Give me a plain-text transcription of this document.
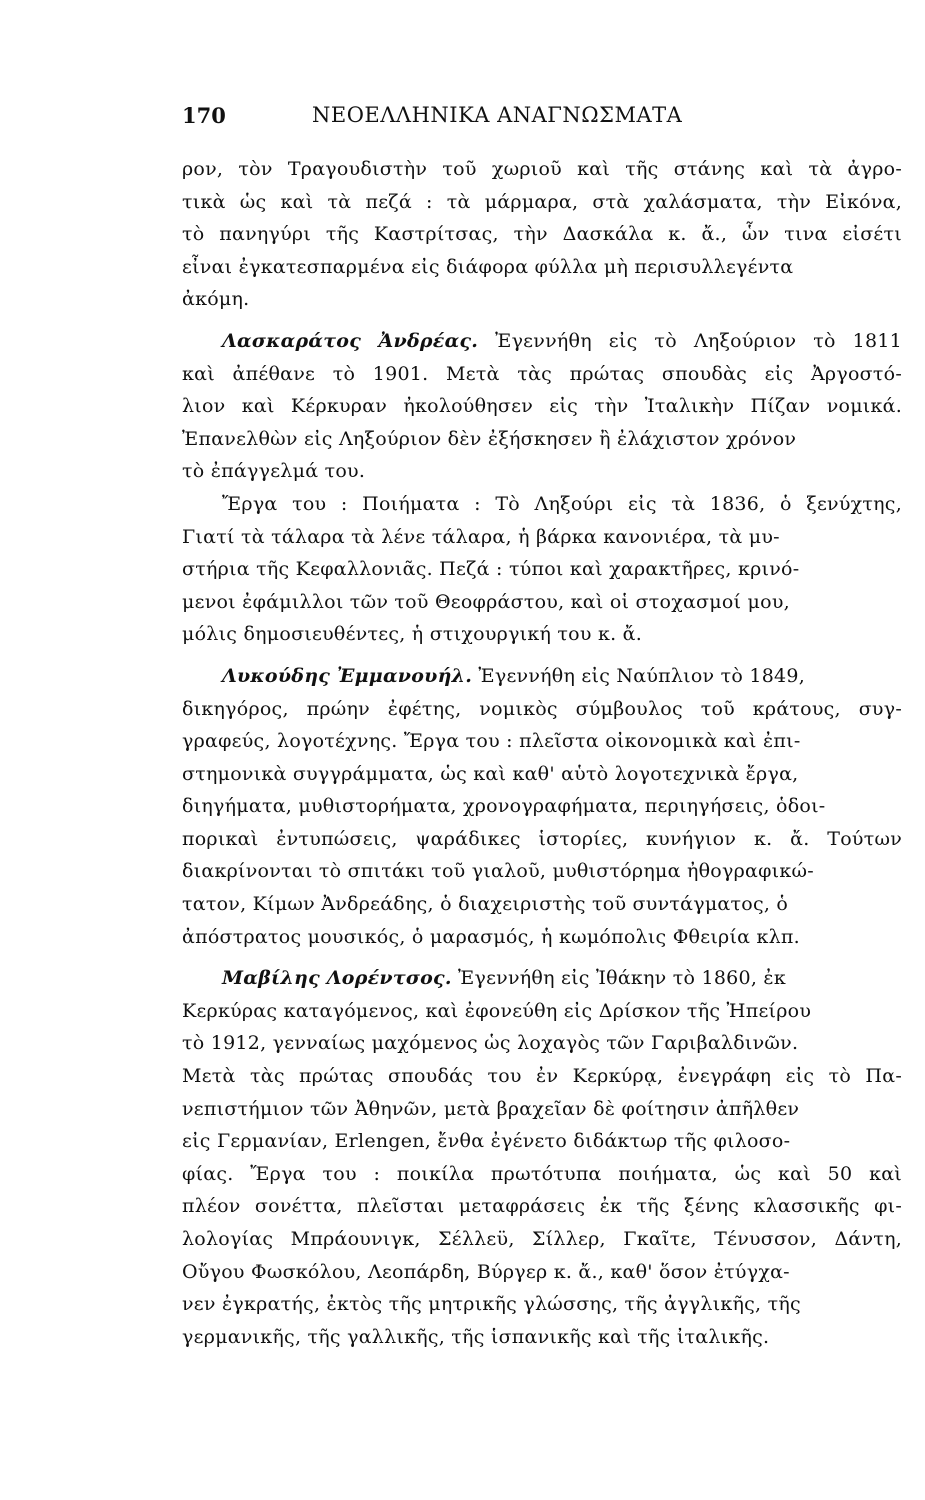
170	ΝΕΟΕΛΛΗΝΙΚΑ ΑΝΑΓΝΩΣΜΑΤΑ
ρον, τὸν Τραγουδιστὴν τοῦ χωριοῦ καὶ τῆς στάνης καὶ τὰ ἀγρο-
τικὰ ὡς καὶ τὰ πεζά : τὰ μάρμαρα, στὰ χαλάσματα, τὴν Εἰκόνα,
τὸ πανηγύρι τῆς Καστρίτσας, τὴν Δασκάλα κ. ἄ., ὧν τινα εἰσέτι
εἶναι ἐγκατεσπαρμένα εἰς διάφορα φύλλα μὴ περισυλλεγέντα
ἀκόμη.
Λασκαράτος Ἀνδρέας. Ἐγεννήθη εἰς τὸ Ληξούριον τὸ 1811
καὶ ἀπέθανε τὸ 1901. Μετὰ τὰς πρώτας σπουδὰς εἰς Ἀργοστό-
λιον καὶ Κέρκυραν ἠκολούθησεν εἰς τὴν Ἰταλικὴν Πίζαν νομικά.
Ἐπανελθὼν εἰς Ληξούριον δὲν ἐξήσκησεν ἢ ἐλάχιστον χρόνον
τὸ ἐπάγγελμά του.
Ἔργα του : Ποιήματα : Τὸ Ληξούρι εἰς τὰ 1836, ὁ ξενύχτης,
Γιατί τὰ τάλαρα τὰ λένε τάλαρα, ἡ βάρκα κανονιέρα, τὰ μυ-
στήρια τῆς Κεφαλλονιᾶς. Πεζά : τύποι καὶ χαρακτῆρες, κρινό-
μενοι ἐφάμιλλοι τῶν τοῦ Θεοφράστου, καὶ οἱ στοχασμοί μου,
μόλις δημοσιευθέντες, ἡ στιχουργική του κ. ἄ.
Λυκούδης Ἐμμανουήλ. Ἐγεννήθη εἰς Ναύπλιον τὸ 1849,
δικηγόρος, πρώην ἐφέτης, νομικὸς σύμβουλος τοῦ κράτους, συγ-
γραφεύς, λογοτέχνης. Ἔργα του : πλεῖστα οἰκονομικὰ καὶ ἐπι-
στημονικὰ συγγράμματα, ὡς καὶ καθ' αὑτὸ λογοτεχνικὰ ἔργα,
διηγήματα, μυθιστορήματα, χρονογραφήματα, περιηγήσεις, ὁδοι-
πορικαὶ ἐντυπώσεις, ψαράδικες ἱστορίες, κυνήγιον κ. ἄ. Τούτων
διακρίνονται τὸ σπιτάκι τοῦ γιαλοῦ, μυθιστόρημα ἠθογραφικώ-
τατον, Κίμων Ἀνδρεάδης, ὁ διαχειριστὴς τοῦ συντάγματος, ὁ
ἀπόστρατος μουσικός, ὁ μαρασμός, ἡ κωμόπολις Φθειρία κλπ.
Μαβίλης Λορέντσος. Ἐγεννήθη εἰς Ἰθάκην τὸ 1860, ἐκ
Κερκύρας καταγόμενος, καὶ ἐφονεύθη εἰς Δρίσκον τῆς Ἠπείρου
τὸ 1912, γενναίως μαχόμενος ὡς λοχαγὸς τῶν Γαριβαλδινῶν.
Μετὰ τὰς πρώτας σπουδάς του ἐν Κερκύρᾳ, ἐνεγράφη εἰς τὸ Πα-
νεπιστήμιον τῶν Ἀθηνῶν, μετὰ βραχεῖαν δὲ φοίτησιν ἀπῆλθεν
εἰς Γερμανίαν, Erlengen, ἔνθα ἐγένετο διδάκτωρ τῆς φιλοσο-
φίας. Ἔργα του : ποικίλα πρωτότυπα ποιήματα, ὡς καὶ 50 καὶ
πλέον σονέττα, πλεῖσται μεταφράσεις ἐκ τῆς ξένης κλασσικῆς φι-
λολογίας Μπράουνιγκ, Σέλλεϋ, Σίλλερ, Γκαῖτε, Τένυσσον, Δάντη,
Οὔγου Φωσκόλου, Λεοπάρδη, Βύργερ κ. ἄ., καθ' ὅσον ἐτύγχα-
νεν ἐγκρατής, ἐκτὸς τῆς μητρικῆς γλώσσης, τῆς ἀγγλικῆς, τῆς
γερμανικῆς, τῆς γαλλικῆς, τῆς ἱσπανικῆς καὶ τῆς ἰταλικῆς.
